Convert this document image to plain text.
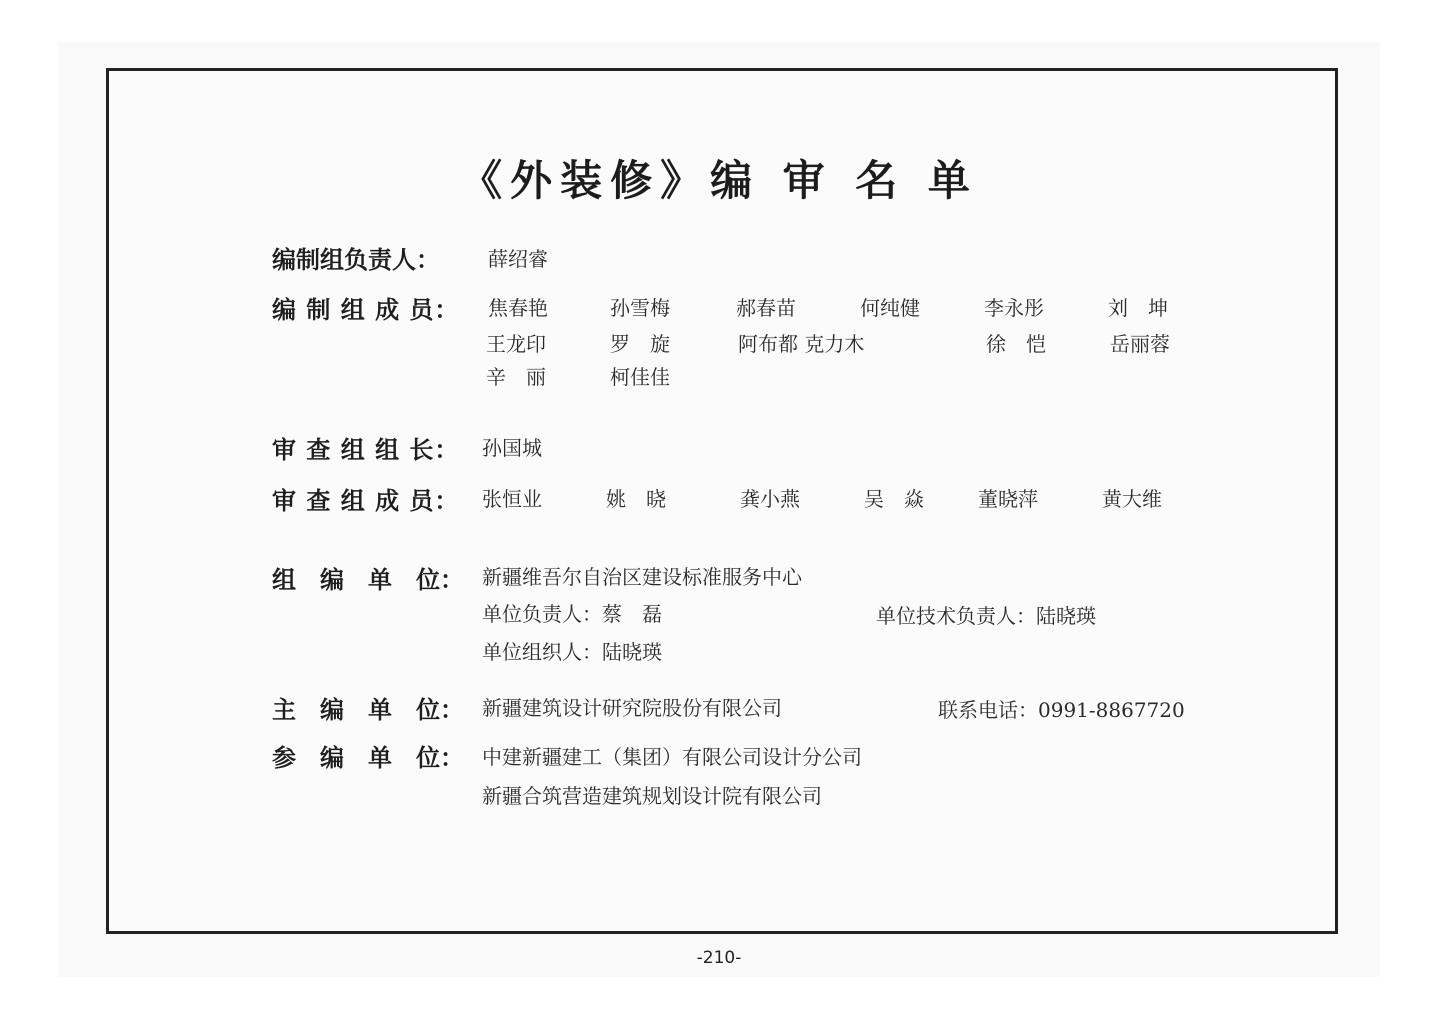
《外装修》编 审 名 单
编制组负责人： 薛绍睿
编 制 组 成 员： 焦春艳	孙雪梅	郝春苗	何纯健	李永彤	刘　坤
王龙印	罗　旋	阿布都 克力木	徐　恺	岳丽蓉
辛　丽	柯佳佳
审 查 组 组 长： 孙国城
审 查 组 成 员： 张恒业	姚　晓	龚小燕	吴　焱	董晓萍	黄大维
组　编　单　位： 新疆维吾尔自治区建设标准服务中心
单位负责人：蔡　磊	单位技术负责人：陆晓瑛
单位组织人：陆晓瑛
主　编　单　位： 新疆建筑设计研究院股份有限公司	联系电话：0991-8867720
参　编　单　位： 中建新疆建工（集团）有限公司设计分公司
新疆合筑营造建筑规划设计院有限公司
-210-
